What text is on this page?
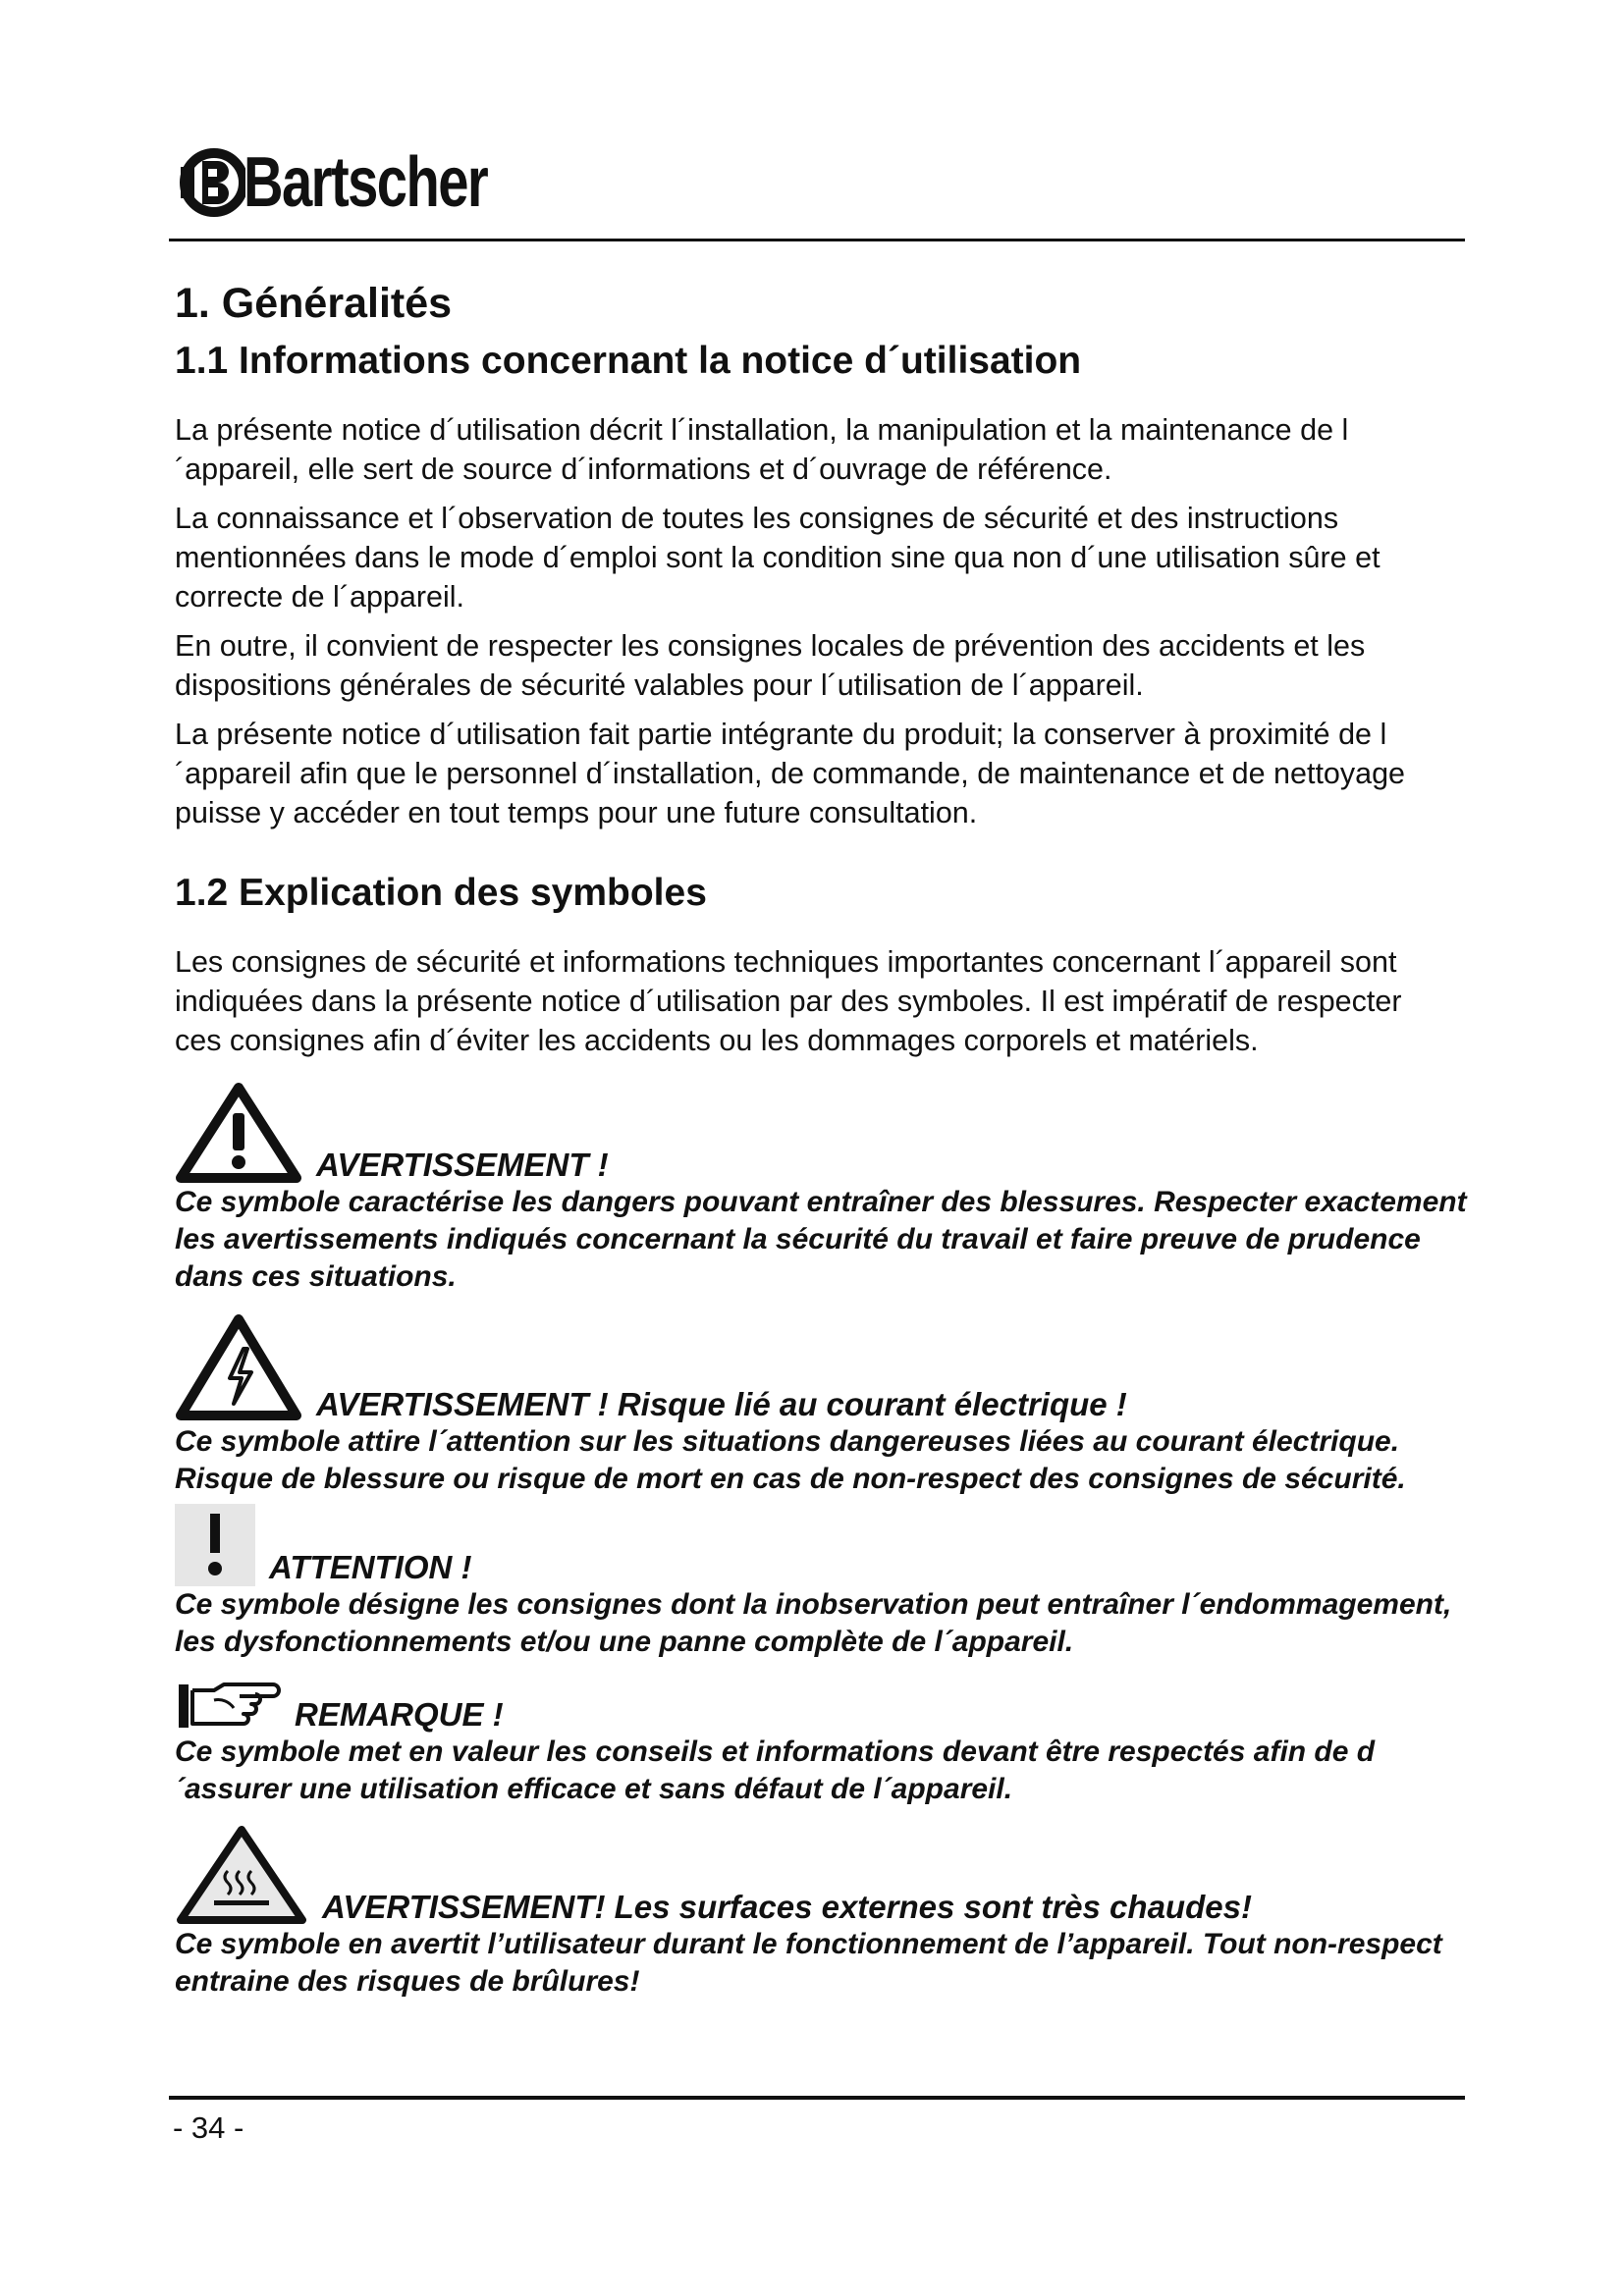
Bartscher
1. Généralités
1.1 Informations concernant la notice d´utilisation

La présente notice d´utilisation décrit l´installation, la manipulation et la maintenance de l´appareil, elle sert de source d´informations et d´ouvrage de référence.

La connaissance et l´observation de toutes les consignes de sécurité et des instructions mentionnées dans le mode d´emploi sont la condition sine qua non d´une utilisation sûre et correcte de l´appareil.

En outre, il convient de respecter les consignes locales de prévention des accidents et les dispositions générales de sécurité valables pour l´utilisation de l´appareil.

La présente notice d´utilisation fait partie intégrante du produit; la conserver à proximité de l´appareil afin que le personnel d´installation, de commande, de maintenance et de nettoyage puisse y accéder en tout temps pour une future consultation.

1.2 Explication des symboles

Les consignes de sécurité et informations techniques importantes concernant l´appareil sont indiquées dans la présente notice d´utilisation par des symboles. Il est impératif de respecter ces consignes afin d´éviter les accidents ou les dommages corporels et matériels.

AVERTISSEMENT !

Ce symbole caractérise les dangers pouvant entraîner des blessures. Respecter exactement les avertissements indiqués concernant la sécurité du travail et faire preuve de prudence dans ces situations.

AVERTISSEMENT ! Risque lié au courant électrique !

Ce symbole attire l´attention sur les situations dangereuses liées au courant électrique. Risque de blessure ou risque de mort en cas de non-respect des consignes de sécurité.

ATTENTION !

Ce symbole désigne les consignes dont la inobservation peut entraîner l´endommagement, les dysfonctionnements et/ou une panne complète de l´appareil.

REMARQUE !

Ce symbole met en valeur les conseils et informations devant être respectés afin de d´assurer une utilisation efficace et sans défaut de l´appareil.

AVERTISSEMENT! Les surfaces externes sont très chaudes!

Ce symbole en avertit l’utilisateur durant le fonctionnement de l’appareil. Tout non-respect entraine des risques de brûlures!

- 34 -
